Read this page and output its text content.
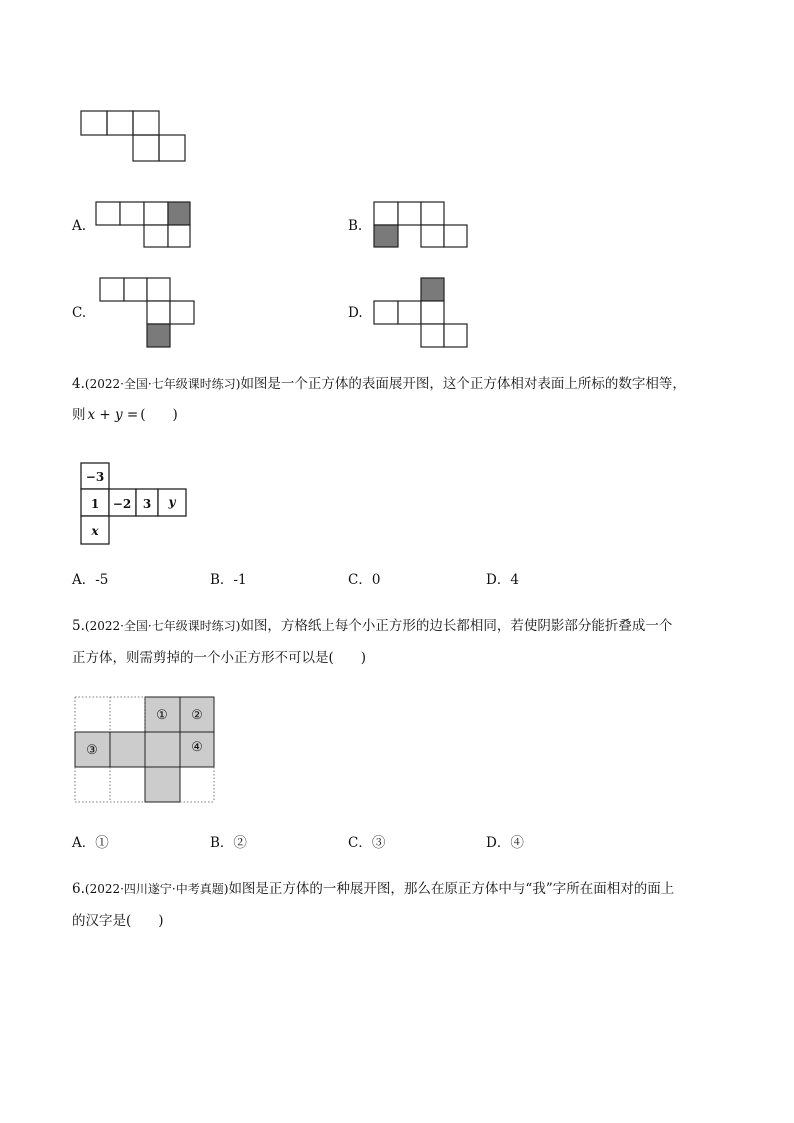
A.	B.
C.	D.
4.(2022·全国·七年级课时练习)如图是一个正方体的表面展开图，这个正方体相对表面上所标的数字相等，
则 x + y = (　　)
−3
1 −2 3 y
x
A．-5	B．-1	C．0	D．4
5.(2022·全国·七年级课时练习)如图，方格纸上每个小正方形的边长都相同，若使阴影部分能折叠成一个
正方体，则需剪掉的一个小正方形不可以是(　　)
① ②
③	④
A．①	B．②	C．③	D．④
6.(2022·四川遂宁·中考真题)如图是正方体的一种展开图，那么在原正方体中与“我”字所在面相对的面上
的汉字是(　　)
